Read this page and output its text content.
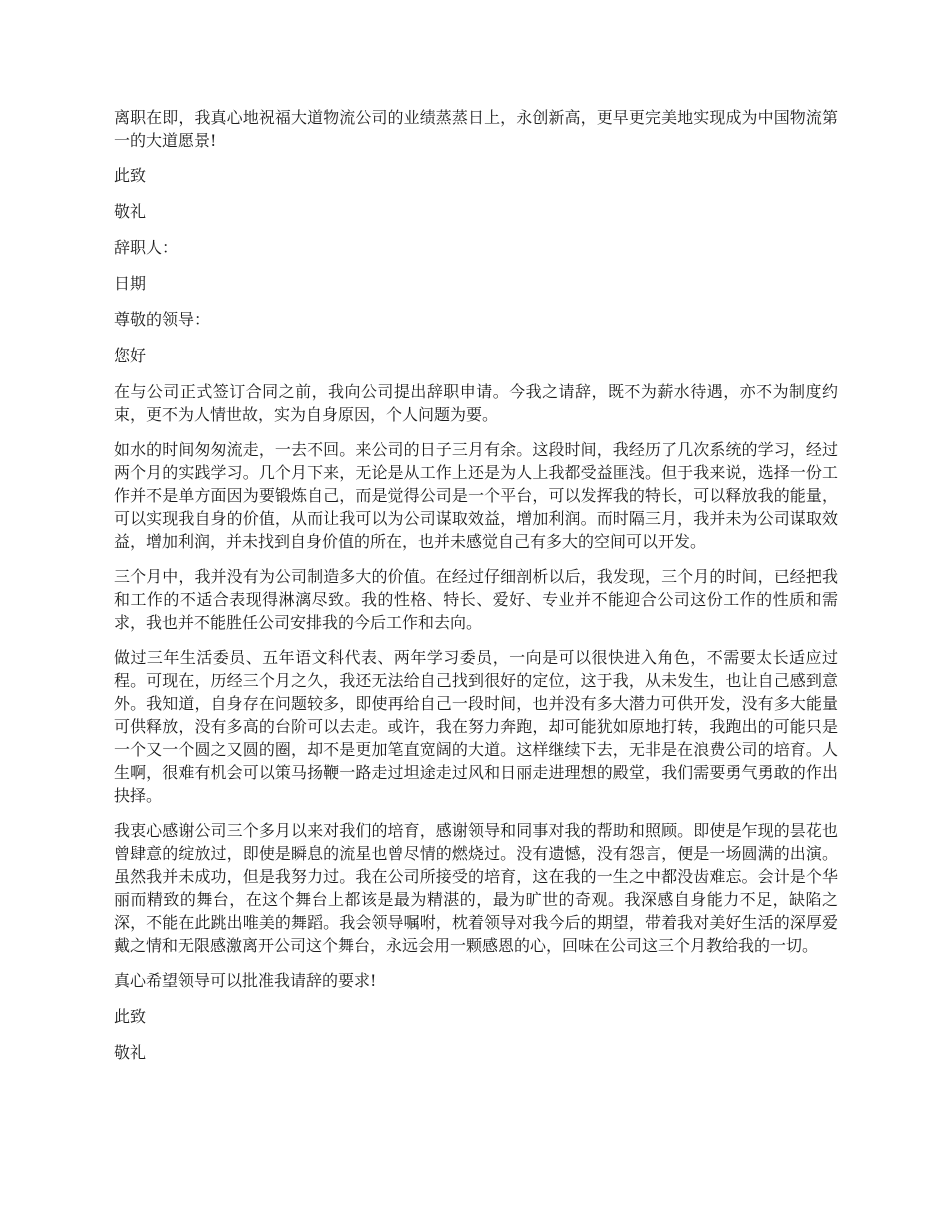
离职在即，我真心地祝福大道物流公司的业绩蒸蒸日上，永创新高，更早更完美地实现成为中国物流第一的大道愿景!

此致

敬礼

辞职人：

日期

尊敬的领导：

您好

在与公司正式签订合同之前，我向公司提出辞职申请。今我之请辞，既不为薪水待遇，亦不为制度约束，更不为人情世故，实为自身原因，个人问题为要。

如水的时间匆匆流走，一去不回。来公司的日子三月有余。这段时间，我经历了几次系统的学习，经过两个月的实践学习。几个月下来，无论是从工作上还是为人上我都受益匪浅。但于我来说，选择一份工作并不是单方面因为要锻炼自己，而是觉得公司是一个平台，可以发挥我的特长，可以释放我的能量，可以实现我自身的价值，从而让我可以为公司谋取效益，增加利润。而时隔三月，我并未为公司谋取效益，增加利润，并未找到自身价值的所在，也并未感觉自己有多大的空间可以开发。

三个月中，我并没有为公司制造多大的价值。在经过仔细剖析以后，我发现，三个月的时间，已经把我和工作的不适合表现得淋漓尽致。我的性格、特长、爱好、专业并不能迎合公司这份工作的性质和需求，我也并不能胜任公司安排我的今后工作和去向。

做过三年生活委员、五年语文科代表、两年学习委员，一向是可以很快进入角色，不需要太长适应过程。可现在，历经三个月之久，我还无法给自己找到很好的定位，这于我，从未发生，也让自己感到意外。我知道，自身存在问题较多，即使再给自己一段时间，也并没有多大潜力可供开发，没有多大能量可供释放，没有多高的台阶可以去走。或许，我在努力奔跑，却可能犹如原地打转，我跑出的可能只是一个又一个圆之又圆的圈，却不是更加笔直宽阔的大道。这样继续下去，无非是在浪费公司的培育。人生啊，很难有机会可以策马扬鞭一路走过坦途走过风和日丽走进理想的殿堂，我们需要勇气勇敢的作出抉择。

我衷心感谢公司三个多月以来对我们的培育，感谢领导和同事对我的帮助和照顾。即使是乍现的昙花也曾肆意的绽放过，即使是瞬息的流星也曾尽情的燃烧过。没有遗憾，没有怨言，便是一场圆满的出演。虽然我并未成功，但是我努力过。我在公司所接受的培育，这在我的一生之中都没齿难忘。会计是个华丽而精致的舞台，在这个舞台上都该是最为精湛的，最为旷世的奇观。我深感自身能力不足，缺陷之深，不能在此跳出唯美的舞蹈。我会领导嘱咐，枕着领导对我今后的期望，带着我对美好生活的深厚爱戴之情和无限感激离开公司这个舞台，永远会用一颗感恩的心，回味在公司这三个月教给我的一切。

真心希望领导可以批准我请辞的要求!

此致

敬礼
